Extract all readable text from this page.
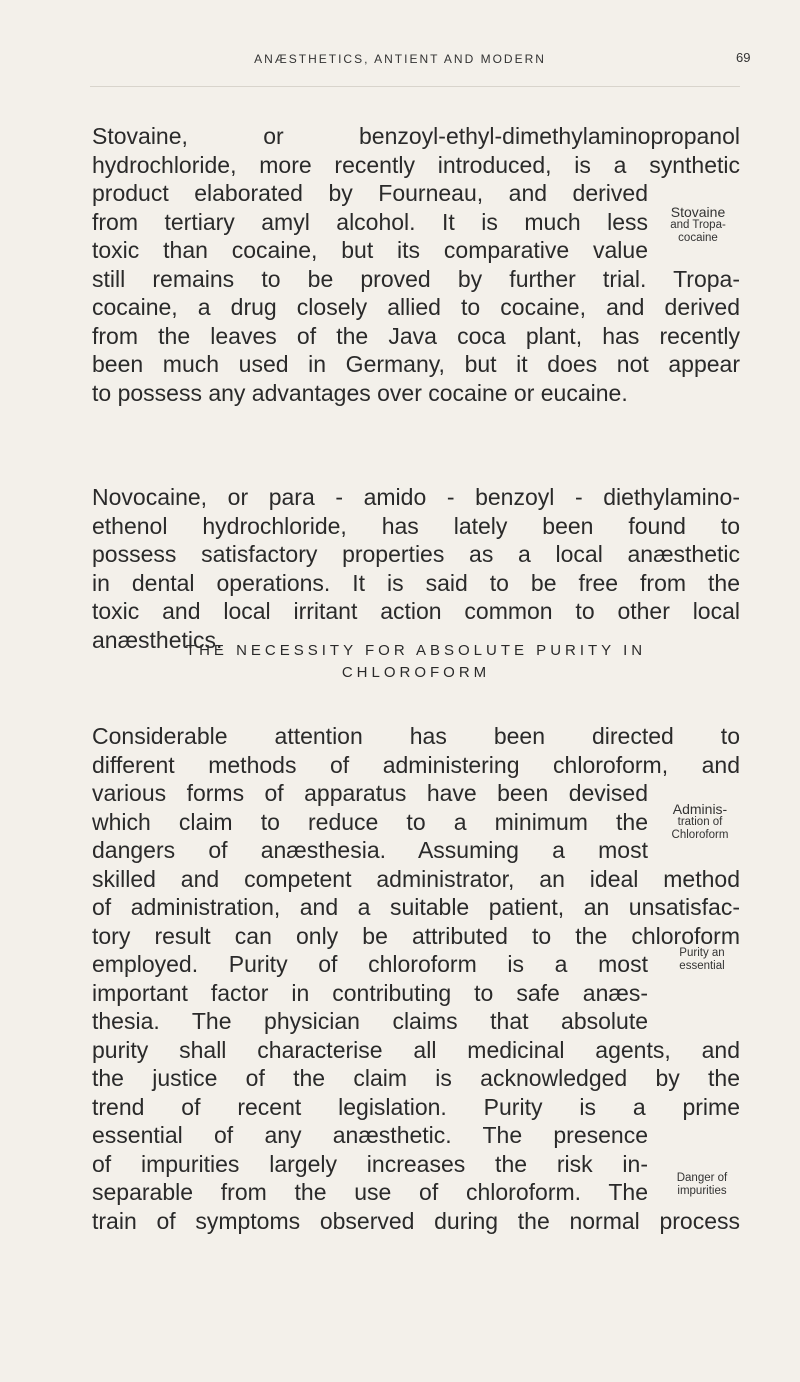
ANÆSTHETICS, ANTIENT AND MODERN	69
Stovaine, or benzoyl-ethyl-dimethylaminopropanol
hydrochloride, more recently introduced, is a synthetic
product elaborated by Fourneau, and derived
from tertiary amyl alcohol. It is much less
toxic than cocaine, but its comparative value
still remains to be proved by further trial. Tropa-
cocaine, a drug closely allied to cocaine, and derived
from the leaves of the Java coca plant, has recently
been much used in Germany, but it does not appear
to possess any advantages over cocaine or eucaine.
Stovaine
and Tropa-
cocaine
Novocaine, or para - amido - benzoyl - diethylamino-
ethenol hydrochloride, has lately been found to
possess satisfactory properties as a local anæsthetic
in dental operations. It is said to be free from the
toxic and local irritant action common to other local
anæsthetics.
THE NECESSITY FOR ABSOLUTE PURITY IN
CHLOROFORM
Considerable attention has been directed to
different methods of administering chloroform, and
various forms of apparatus have been devised
which claim to reduce to a minimum the
dangers of anæsthesia. Assuming a most
skilled and competent administrator, an ideal method
of administration, and a suitable patient, an unsatisfac-
tory result can only be attributed to the chloroform
employed. Purity of chloroform is a most
important factor in contributing to safe anæs-
thesia. The physician claims that absolute
purity shall characterise all medicinal agents, and
the justice of the claim is acknowledged by the
trend of recent legislation. Purity is a prime
essential of any anæsthetic. The presence
of impurities largely increases the risk in-
separable from the use of chloroform. The
train of symptoms observed during the normal process
Adminis-
tration of
Chloroform
Purity an
essential
Danger of
impurities
